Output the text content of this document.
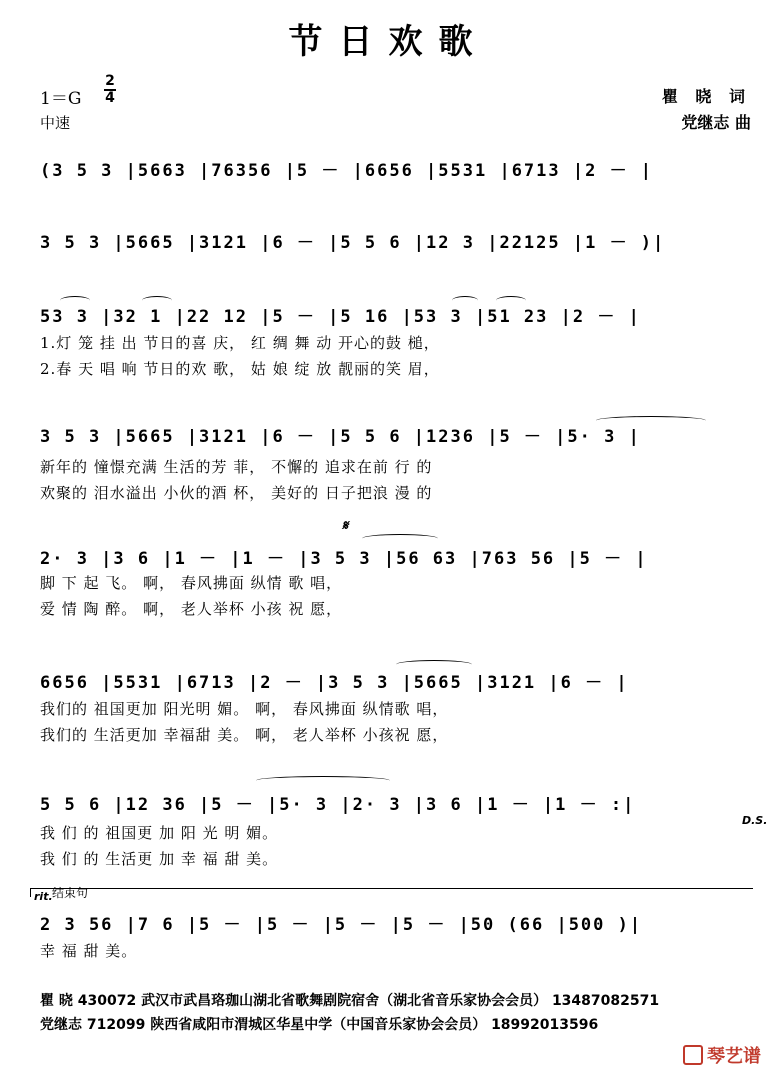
节日欢歌
1＝G
2
4
中速
瞿 晓 词
党继志 曲
(3 5 3 |5663 |76356 |5 － |6656 |5531 |6713 |2 － |
3 5 3 |5665 |3121 |6 － |5 5 6 |12 3 |22125 |1 － )|
53 3 |32 1 |22 12 |5 － |5 16 |53 3 |51 23 |2 － |
1.灯 笼 挂 出 节日的喜 庆， 红 绸 舞 动 开心的鼓 槌，
2.春 天 唱 响 节日的欢 歌， 姑 娘 绽 放 靓丽的笑 眉，
3 5 3 |5665 |3121 |6 － |5 5 6 |1236 |5 － |5· 3 |
新年的 憧憬充满 生活的芳 菲， 不懈的 追求在前 行 的
欢聚的 泪水溢出 小伙的酒 杯， 美好的 日子把浪 漫 的
𝄋
2· 3 |3 6 |1 － |1 － |3 5 3 |56 63 |763 56 |5 － |
脚 下 起 飞。 啊， 春风拂面 纵情 歌 唱，
爱 情 陶 醉。 啊， 老人举杯 小孩 祝 愿，
6656 |5531 |6713 |2 － |3 5 3 |5665 |3121 |6 － |
我们的 祖国更加 阳光明 媚。 啊， 春风拂面 纵情歌 唱，
我们的 生活更加 幸福甜 美。 啊， 老人举杯 小孩祝 愿，
5 5 6 |12 36 |5 － |5· 3 |2· 3 |3 6 |1 － |1 － :|
D.S.
我 们 的 祖国更 加 阳 光 明 媚。
我 们 的 生活更 加 幸 福 甜 美。
rit. 结束句
2 3 56 |7 6 |5 － |5 － |5 － |5 － |50 (66 |500 )|
幸 福 甜 美。
瞿 晓 430072 武汉市武昌珞珈山湖北省歌舞剧院宿舍（湖北省音乐家协会会员） 13487082571
党继志 712099 陕西省咸阳市渭城区华星中学（中国音乐家协会会员） 18992013596
琴艺谱
